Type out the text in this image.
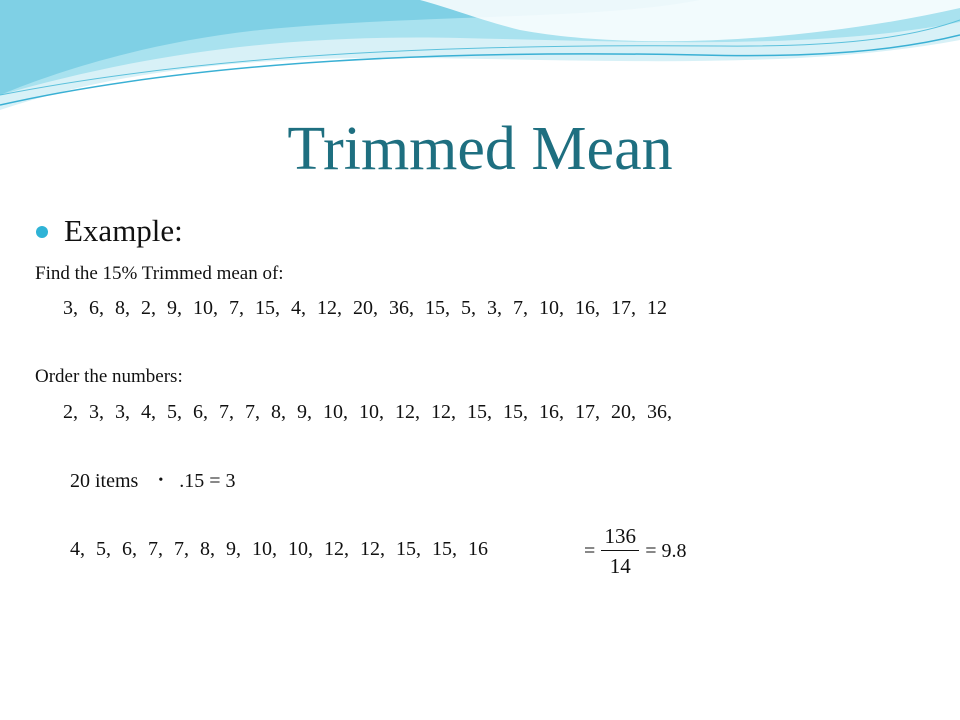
Trimmed Mean
Example:
Find the 15% Trimmed mean of:
3, 6, 8, 2, 9, 10, 7, 15, 4, 12, 20, 36, 15, 5, 3, 7, 10, 16, 17, 12
Order the numbers:
2, 3, 3, 4, 5, 6, 7, 7, 8, 9, 10, 10, 12, 12, 15, 15, 16, 17, 20, 36,
20 items • .15 = 3
4, 5, 6, 7, 7, 8, 9, 10, 10, 12, 12, 15, 15, 16	= $\frac{136}{14} = 9.8$
